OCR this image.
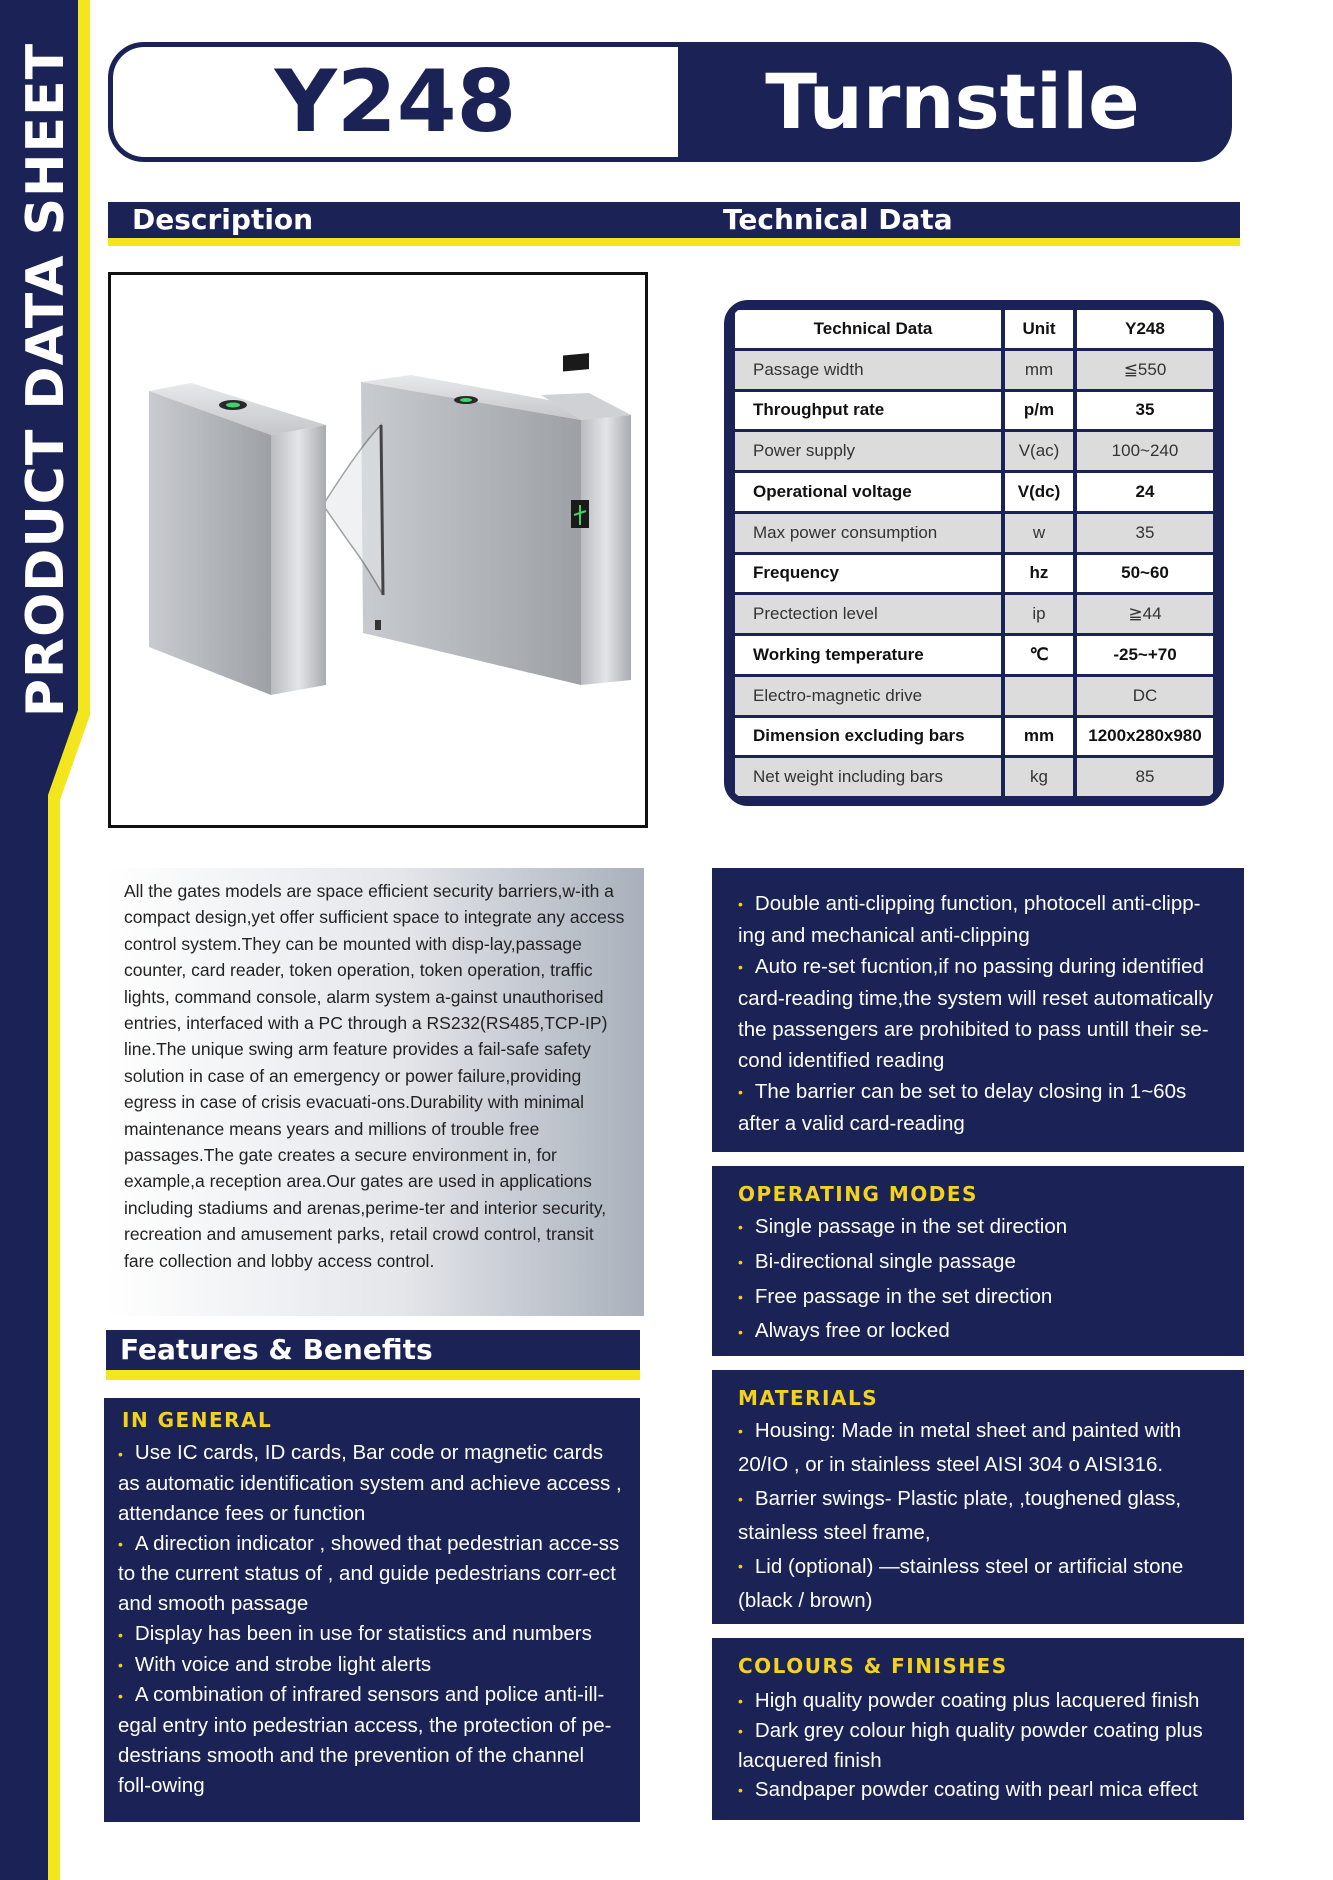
PRODUCT DATA SHEET	Y248	Turnstile
Description	Technical Data
Technical Data	Unit	Y248
Passage width	mm	≦550
Throughput rate	p/m	35
Power supply	V(ac)	100~240
Operational voltage	V(dc)	24
Max power consumption	w	35
Frequency	hz	50~60
Prectection level	ip	≧44
Working temperature	℃	-25~+70
Electro-magnetic drive		DC
Dimension excluding bars	mm	1200x280x980
Net weight including bars	kg	85
All the gates models are space efficient security barriers,w-ith a compact design,yet offer sufficient space to integrate any access control system.They can be mounted with disp-lay,passage counter, card reader, token operation, token operation, traffic lights, command console, alarm system a-gainst unauthorised entries, interfaced with a PC through a RS232(RS485,TCP-IP) line.The unique swing arm feature provides a fail-safe safety solution in case of an emergency or power failure,providing egress in case of crisis evacuati-ons.Durability with minimal maintenance means years and millions of trouble free passages.The gate creates a secure environment in, for example,a reception area.Our gates are used in applications including stadiums and arenas,perime-ter and interior security, recreation and amusement parks, retail crowd control, transit fare collection and lobby access control.
Features & Benefits
IN GENERAL
• Use IC cards, ID cards, Bar code or magnetic cards as automatic identification system and achieve access , attendance fees or function
• A direction indicator , showed that pedestrian acce-ss to the current status of , and guide pedestrians corr-ect and smooth passage
• Display has been in use for statistics and numbers
• With voice and strobe light alerts
• A combination of infrared sensors and police anti-ill-egal entry into pedestrian access, the protection of pe-destrians smooth and the prevention of the channel foll-owing
• Double anti-clipping function, photocell anti-clipp-ing and mechanical anti-clipping
• Auto re-set fucntion,if no passing during identified card-reading time,the system will reset automatically the passengers are prohibited to pass untill their se-cond identified reading
• The barrier can be set to delay closing in 1~60s after a valid card-reading
OPERATING MODES
• Single passage in the set direction
• Bi-directional single passage
• Free passage in the set direction
• Always free or locked
MATERIALS
• Housing: Made in metal sheet and painted with 20/IO , or in stainless steel AISI 304 o AISI316.
• Barrier swings- Plastic plate, ,toughened glass, stainless steel frame,
• Lid (optional) —stainless steel or artificial stone (black / brown)
COLOURS & FINISHES
• High quality powder coating plus lacquered finish
• Dark grey colour high quality powder coating plus lacquered finish
• Sandpaper powder coating with pearl mica effect
